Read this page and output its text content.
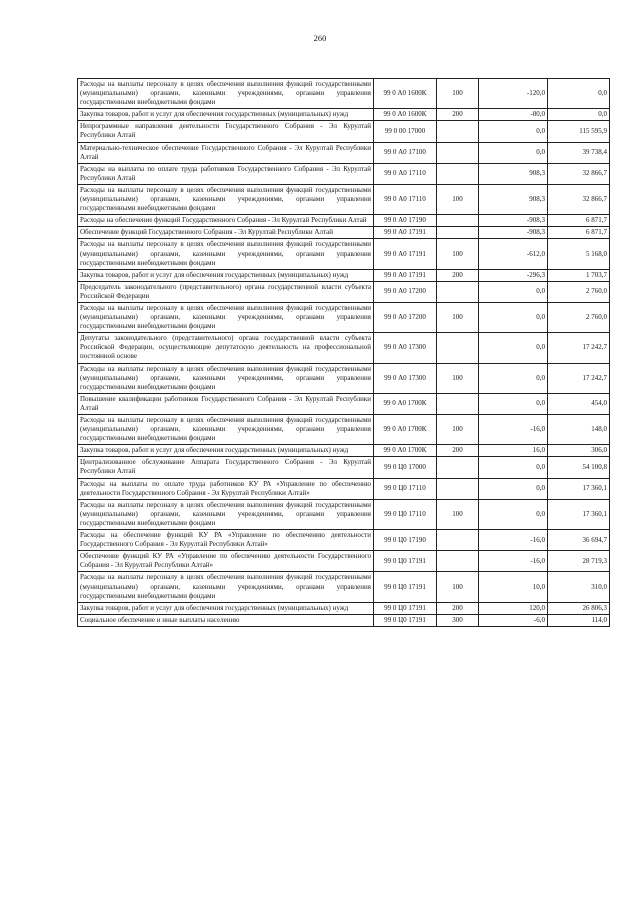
260
Расходы на выплаты персоналу в целях обеспечения выполнения функций государственными (муниципальными) органами, казенными учреждениями, органами управления государственными внебюджетными фондами	99 0 А0 1600К	100	-120,0	0,0
Закупка товаров, работ и услуг для обеспечения государственных (муниципальных) нужд	99 0 А0 1600К	200	-80,0	0,0
Непрограммные направления деятельности Государственного Собрания - Эл Курултай Республики Алтай	99 0 00 17000		0,0	115 595,9
Материально-техническое обеспечение Государственного Собрания - Эл Курултай Республики Алтай	99 0 А0 17100		0,0	39 738,4
Расходы на выплаты по оплате труда работников Государственного Собрания - Эл Курултай Республики Алтай	99 0 А0 17110		908,3	32 866,7
Расходы на выплаты персоналу в целях обеспечения выполнения функций государственными (муниципальными) органами, казенными учреждениями, органами управления государственными внебюджетными фондами	99 0 А0 17110	100	908,3	32 866,7
Расходы на обеспечение функций Государственного Собрания - Эл Курултай Республики Алтай	99 0 А0 17190		-908,3	6 871,7
Обеспечение функций Государственного Собрания - Эл Курултай Республики Алтай	99 0 А0 17191		-908,3	6 871,7
Расходы на выплаты персоналу в целях обеспечения выполнения функций государственными (муниципальными) органами, казенными учреждениями, органами управления государственными внебюджетными фондами	99 0 А0 17191	100	-612,0	5 168,0
Закупка товаров, работ и услуг для обеспечения государственных (муниципальных) нужд	99 0 А0 17191	200	-296,3	1 703,7
Председатель законодательного (представительного) органа государственной власти субъекта Российской Федерации	99 0 А0 17200		0,0	2 760,0
Расходы на выплаты персоналу в целях обеспечения выполнения функций государственными (муниципальными) органами, казенными учреждениями, органами управления государственными внебюджетными фондами	99 0 А0 17200	100	0,0	2 760,0
Депутаты законодательного (представительного) органа государственной власти субъекта Российской Федерации, осуществляющие депутатскую деятельность на профессиональной постоянной основе	99 0 А0 17300		0,0	17 242,7
Расходы на выплаты персоналу в целях обеспечения выполнения функций государственными (муниципальными) органами, казенными учреждениями, органами управления государственными внебюджетными фондами	99 0 А0 17300	100	0,0	17 242,7
Повышение квалификации работников Государственного Собрания - Эл Курултай Республики Алтай	99 0 А0 1700К		0,0	454,0
Расходы на выплаты персоналу в целях обеспечения выполнения функций государственными (муниципальными) органами, казенными учреждениями, органами управления государственными внебюджетными фондами	99 0 А0 1700К	100	-16,0	148,0
Закупка товаров, работ и услуг для обеспечения государственных (муниципальных) нужд	99 0 А0 1700К	200	16,0	306,0
Централизованное обслуживание Аппарата Государственного Собрания - Эл Курултай Республики Алтай	99 0 Ц0 17000		0,0	54 100,8
Расходы на выплаты по оплате труда работников КУ РА «Управление по обеспечению деятельности Государственного Собрания - Эл Курултай Республики Алтай»	99 0 Ц0 17110		0,0	17 360,1
Расходы на выплаты персоналу в целях обеспечения выполнения функций государственными (муниципальными) органами, казенными учреждениями, органами управления государственными внебюджетными фондами	99 0 Ц0 17110	100	0,0	17 360,1
Расходы на обеспечение функций КУ РА «Управление по обеспечению деятельности Государственного Собрания - Эл Курултай Республики Алтай»	99 0 Ц0 17190		-16,0	36 694,7
Обеспечение функций КУ РА «Управление по обеспечению деятельности Государственного Собрания - Эл Курултай Республики Алтай»	99 0 Ц0 17191		-16,0	28 719,3
Расходы на выплаты персоналу в целях обеспечения выполнения функций государственными (муниципальными) органами, казенными учреждениями, органами управления государственными внебюджетными фондами	99 0 Ц0 17191	100	10,0	310,0
Закупка товаров, работ и услуг для обеспечения государственных (муниципальных) нужд	99 0 Ц0 17191	200	120,0	26 806,3
Социальное обеспечение и иные выплаты населению	99 0 Ц0 17191	300	-6,0	114,0
